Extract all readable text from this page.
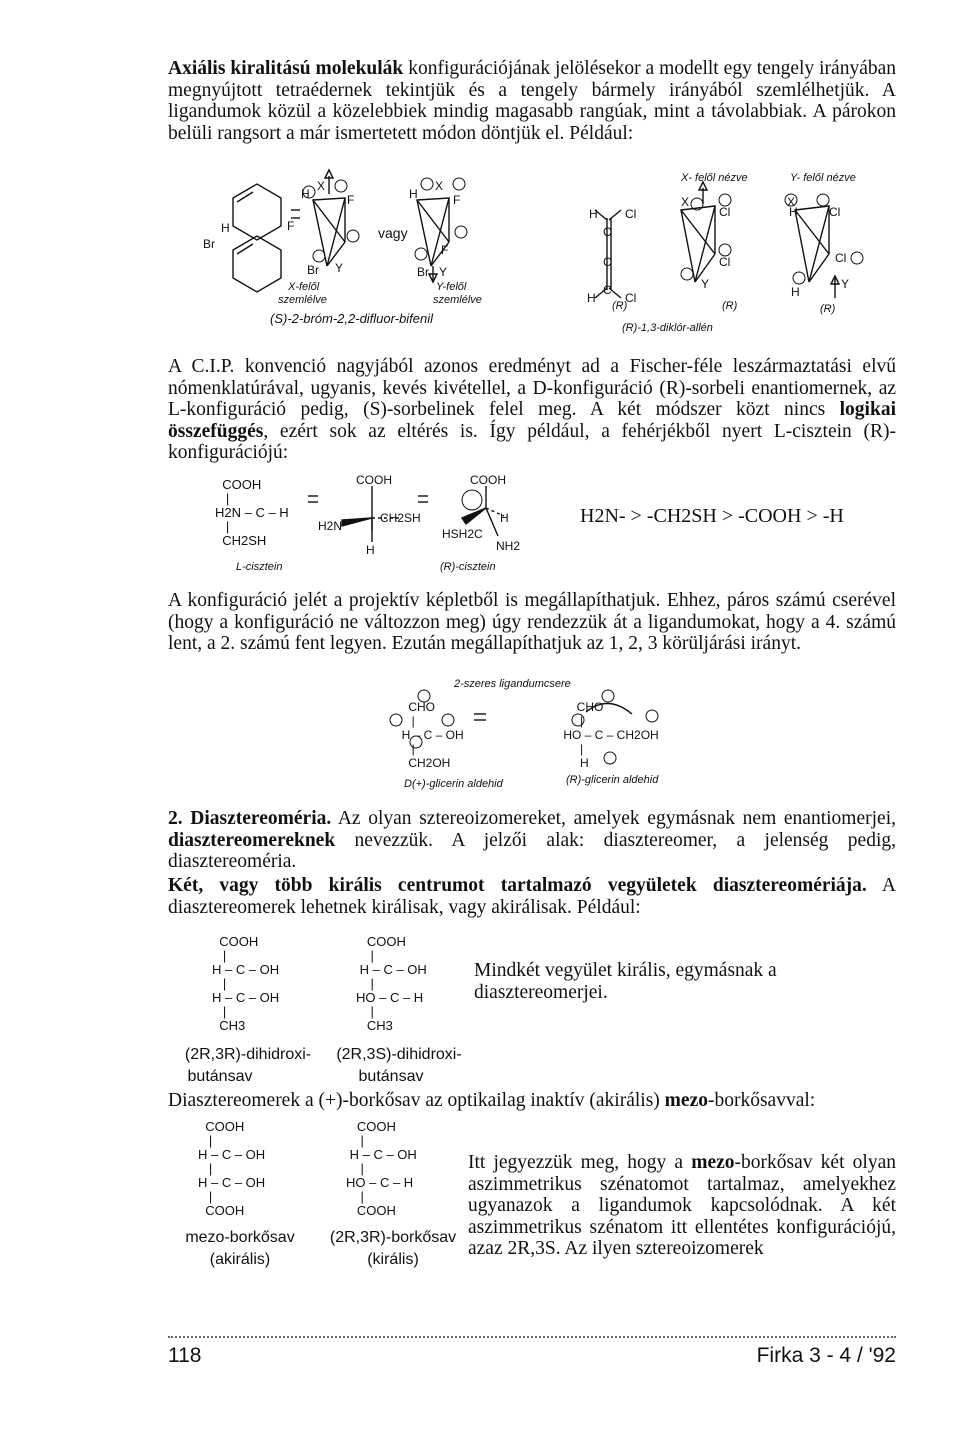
Axiális kiralitású molekulák konfigurációjának jelölésekor a modellt egy tengely irányában megnyújtott tetraédernek tekintjük és a tengely bármely irányából szemlélhetjük. A ligandumok közül a közelebbiek mindig magasabb rangúak, mint a távolabbiak. A párokon belüli rangsort a már ismertetett módon döntjük el. Például:

H
Br
F
H	F
Br Y
X
H	F
F
Br Y
X
H Cl
C
C
C
H Cl
X
Cl
Cl
Y
X
H	Cl
Cl
H
Y
vagy
X- felől nézve	Y- felől nézve
X-felől
szemlélve
Y-felől
szemlélve
(S)-2-bróm-2,2-difluor-bifenil
(R)	(R)	(R)
(R)-1,3-diklór-allén

A C.I.P. konvenció nagyjából azonos eredményt ad a Fischer-féle leszármaztatási elvű nómenklatúrával, ugyanis, kevés kivétellel, a D-konfiguráció (R)-sorbeli enantiomernek, az L-konfiguráció pedig, (S)-sorbelinek felel meg. A két módszer közt nincs logikai összefüggés, ezért sok az eltérés is. Így például, a fehérjékből nyert L-cisztein (R)-konfigurációjú:

COOH
|
H2N – C – H
|
CH2SH
COOH
H2N
CH2SH
H
COOH
H
HSH2C
NH2
H2N- > -CH2SH > -COOH > -H
L-cisztein	(R)-cisztein

A konfiguráció jelét a projektív képletből is megállapíthatjuk. Ehhez, páros számú cserével (hogy a konfiguráció ne változzon meg) úgy rendezzük át a ligandumokat, hogy a 4. számú lent, a 2. számú fent legyen. Ezután megállapíthatjuk az 1, 2, 3 körüljárási irányt.

2-szeres ligandumcsere
CHO
|
H – C – OH
|
CH2OH
CHO
|
HO – C – CH2OH
|
H
D(+)-glicerin aldehid	(R)-glicerin aldehid

2. Diasztereoméria. Az olyan sztereoizomereket, amelyek egymásnak nem enantiomerjei, diasztereomereknek nevezzük. A jelzői alak: diasztereomer, a jelenség pedig, diasztereoméria.

Két, vagy több királis centrumot tartalmazó vegyületek diasztereomériája. A diasztereomerek lehetnek királisak, vagy akirálisak. Például:

COOH
|
H – C – OH
|
H – C – OH
|
CH3
COOH
|
H – C – OH
|
HO – C – H
|
CH3
Mindkét vegyület királis, egymásnak a diasztereomerjei.
(2R,3R)-dihidroxi-
butánsav
(2R,3S)-dihidroxi-
butánsav

Diasztereomerek a (+)-borkősav az optikailag inaktív (akirális) mezo-borkősavval:

COOH
|
H – C – OH
|
H – C – OH
|
COOH
COOH
|
H – C – OH
|
HO – C – H
|
COOH
mezo-borkősav
(akirális)
(2R,3R)-borkősav
(királis)

Itt jegyezzük meg, hogy a mezo-borkősav két olyan aszimmetrikus szénatomot tartalmaz, amelyekhez ugyanazok a ligandumok kapcsolódnak. A két aszimmetrikus szénatom itt ellentétes konfigurációjú, azaz 2R,3S. Az ilyen sztereoizomerek

118	Firka 3 - 4 / '92
